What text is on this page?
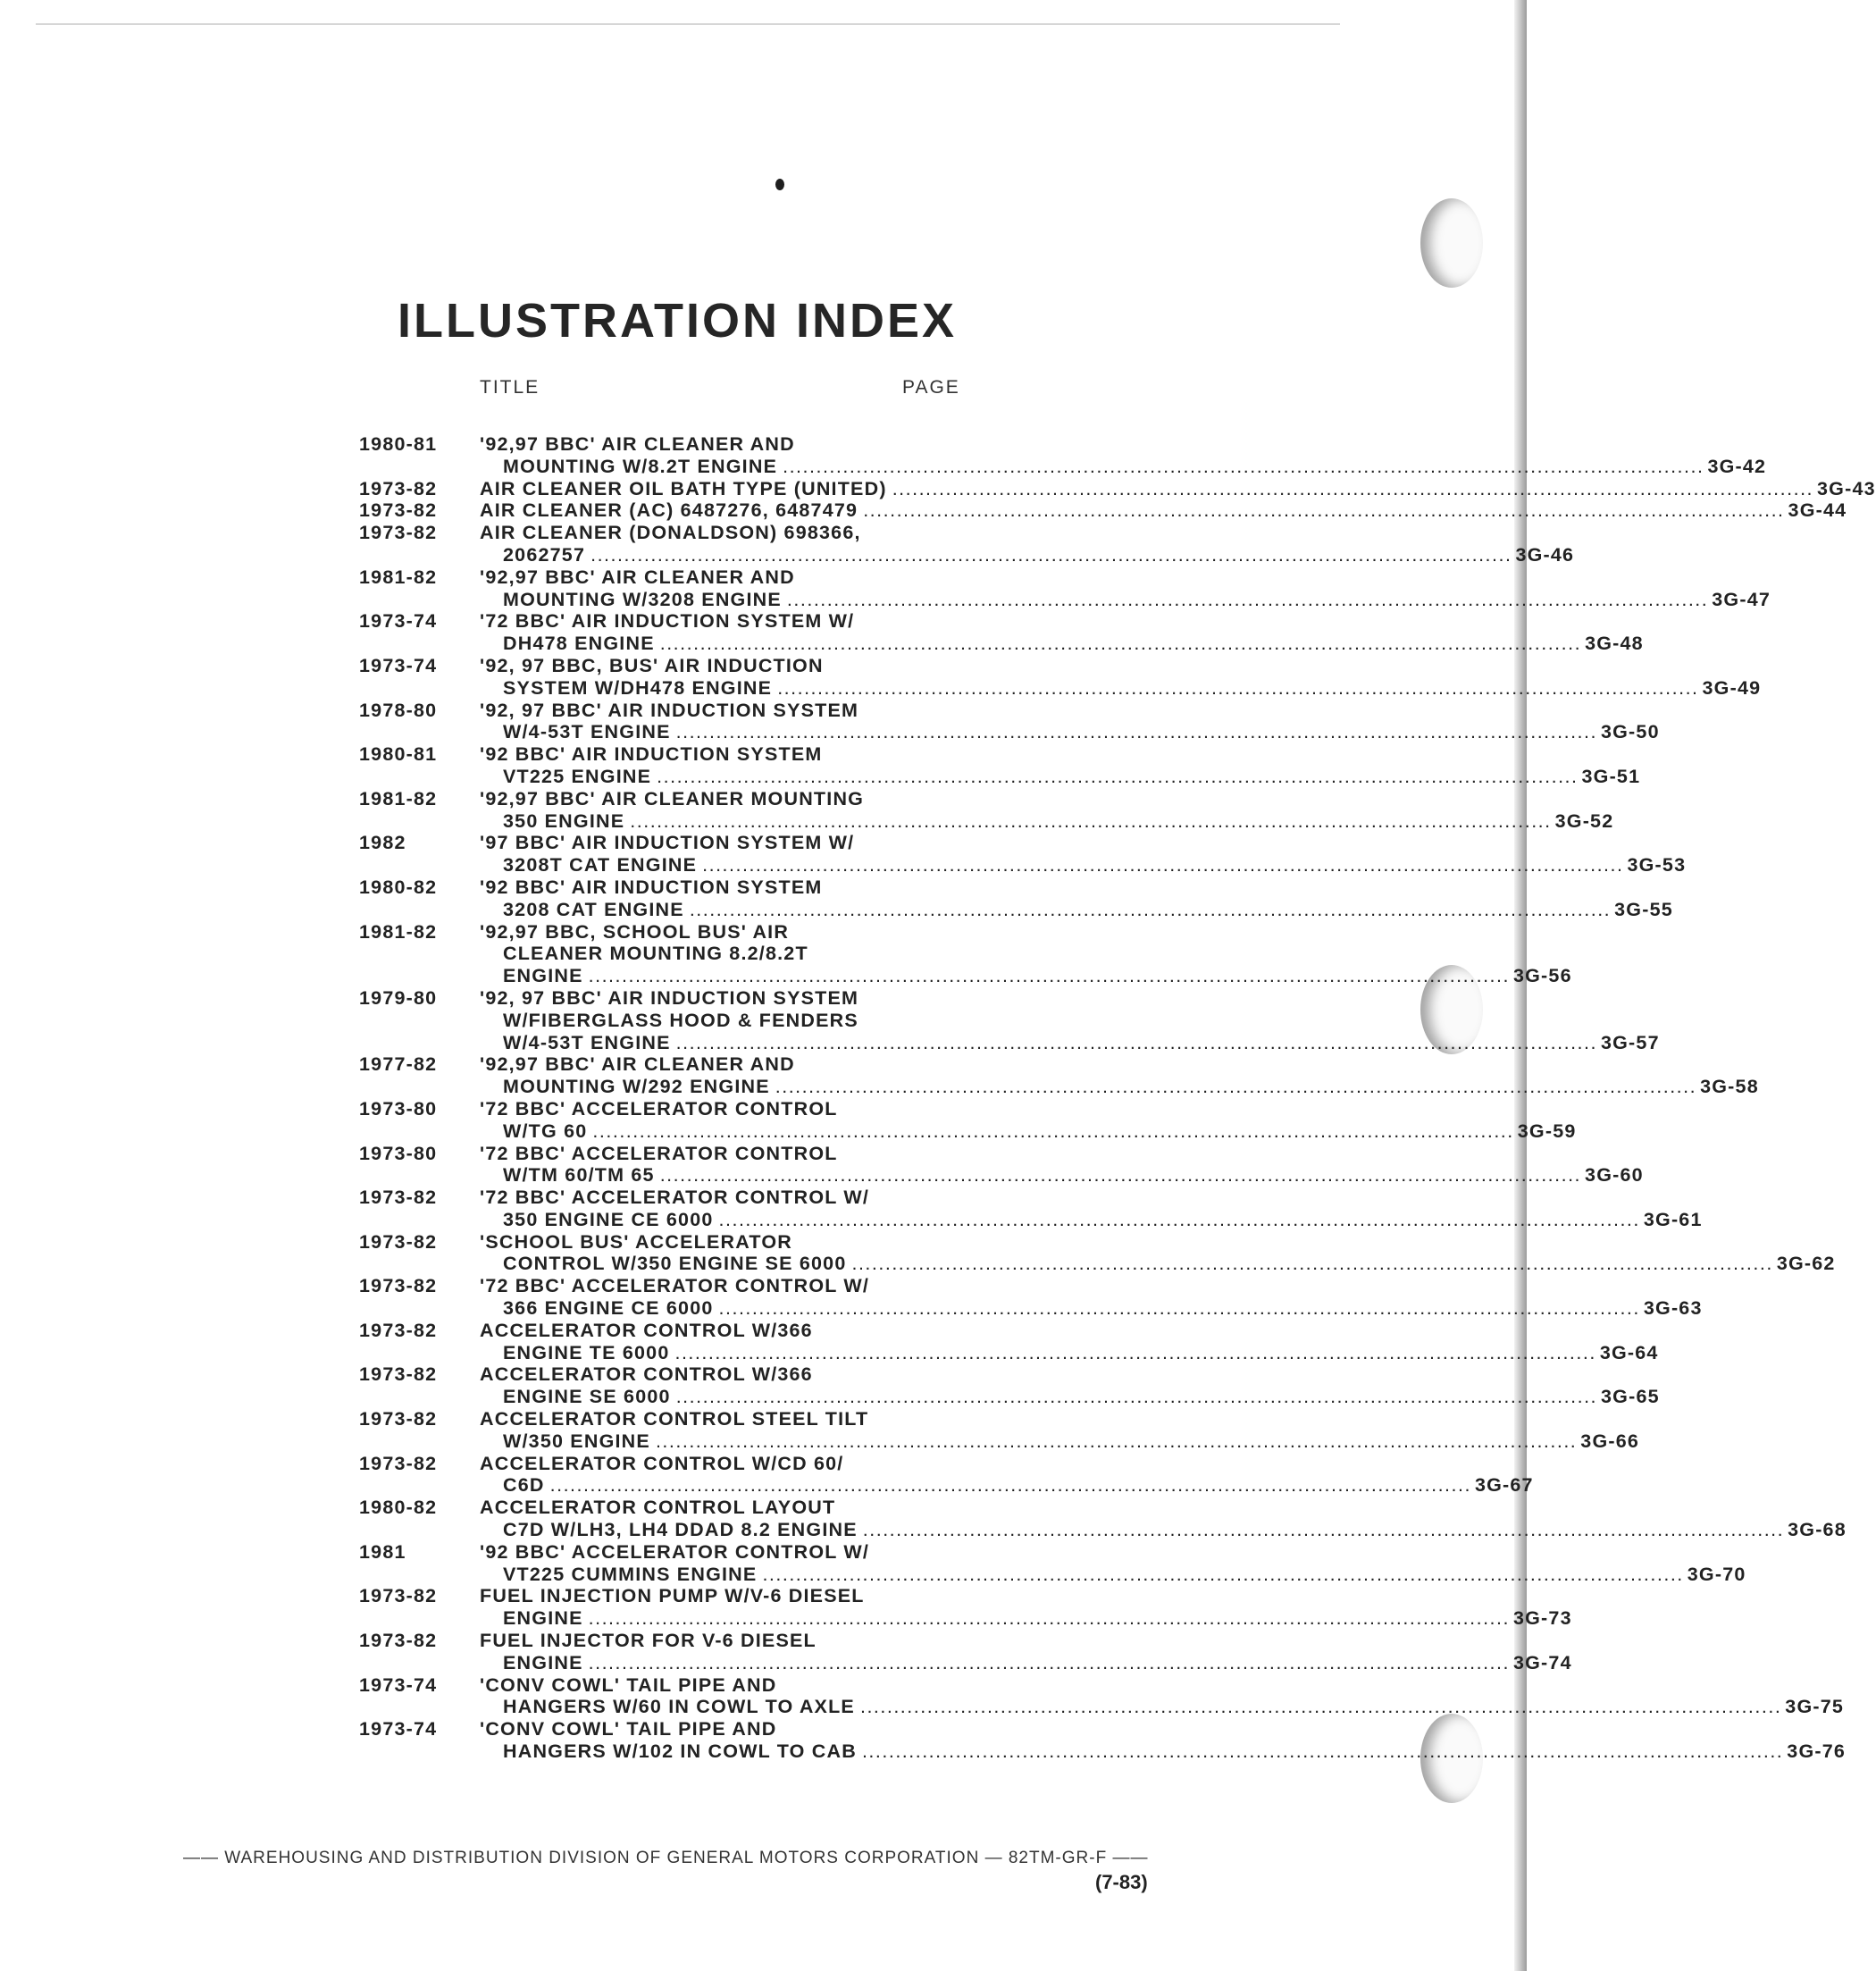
ILLUSTRATION INDEX
TITLE	PAGE
1980-81	'92,97 BBC' AIR CLEANER AND
MOUNTING W/8.2T ENGINE .....	3G-42
1973-82	AIR CLEANER OIL BATH TYPE (UNITED) .....	3G-43
1973-82	AIR CLEANER (AC) 6487276, 6487479 .....	3G-44
1973-82	AIR CLEANER (DONALDSON) 698366,
2062757 .....	3G-46
1981-82	'92,97 BBC' AIR CLEANER AND
MOUNTING W/3208 ENGINE .....	3G-47
1973-74	'72 BBC' AIR INDUCTION SYSTEM W/
DH478 ENGINE .....	3G-48
1973-74	'92, 97 BBC, BUS' AIR INDUCTION
SYSTEM W/DH478 ENGINE .....	3G-49
1978-80	'92, 97 BBC' AIR INDUCTION SYSTEM
W/4-53T ENGINE .....	3G-50
1980-81	'92 BBC' AIR INDUCTION SYSTEM
VT225 ENGINE .....	3G-51
1981-82	'92,97 BBC' AIR CLEANER MOUNTING
350 ENGINE .....	3G-52
1982	'97 BBC' AIR INDUCTION SYSTEM W/
3208T CAT ENGINE .....	3G-53
1980-82	'92 BBC' AIR INDUCTION SYSTEM
3208 CAT ENGINE .....	3G-55
1981-82	'92,97 BBC, SCHOOL BUS' AIR
CLEANER MOUNTING 8.2/8.2T
ENGINE .....	3G-56
1979-80	'92, 97 BBC' AIR INDUCTION SYSTEM
W/FIBERGLASS HOOD & FENDERS
W/4-53T ENGINE .....	3G-57
1977-82	'92,97 BBC' AIR CLEANER AND
MOUNTING W/292 ENGINE .....	3G-58
1973-80	'72 BBC' ACCELERATOR CONTROL
W/TG 60 .....	3G-59
1973-80	'72 BBC' ACCELERATOR CONTROL
W/TM 60/TM 65 .....	3G-60
1973-82	'72 BBC' ACCELERATOR CONTROL W/
350 ENGINE CE 6000 .....	3G-61
1973-82	'SCHOOL BUS' ACCELERATOR
CONTROL W/350 ENGINE SE 6000 .....	3G-62
1973-82	'72 BBC' ACCELERATOR CONTROL W/
366 ENGINE CE 6000 .....	3G-63
1973-82	ACCELERATOR CONTROL W/366
ENGINE TE 6000 .....	3G-64
1973-82	ACCELERATOR CONTROL W/366
ENGINE SE 6000 .....	3G-65
1973-82	ACCELERATOR CONTROL STEEL TILT
W/350 ENGINE .....	3G-66
1973-82	ACCELERATOR CONTROL W/CD 60/
C6D .....	3G-67
1980-82	ACCELERATOR CONTROL LAYOUT
C7D W/LH3, LH4 DDAD 8.2 ENGINE .....	3G-68
1981	'92 BBC' ACCELERATOR CONTROL W/
VT225 CUMMINS ENGINE .....	3G-70
1973-82	FUEL INJECTION PUMP W/V-6 DIESEL
ENGINE .....	3G-73
1973-82	FUEL INJECTOR FOR V-6 DIESEL
ENGINE .....	3G-74
1973-74	'CONV COWL' TAIL PIPE AND
HANGERS W/60 IN COWL TO AXLE .....	3G-75
1973-74	'CONV COWL' TAIL PIPE AND
HANGERS W/102 IN COWL TO CAB .....	3G-76
—— WAREHOUSING AND DISTRIBUTION DIVISION OF GENERAL MOTORS CORPORATION — 82TM-GR-F ——
(7-83)
